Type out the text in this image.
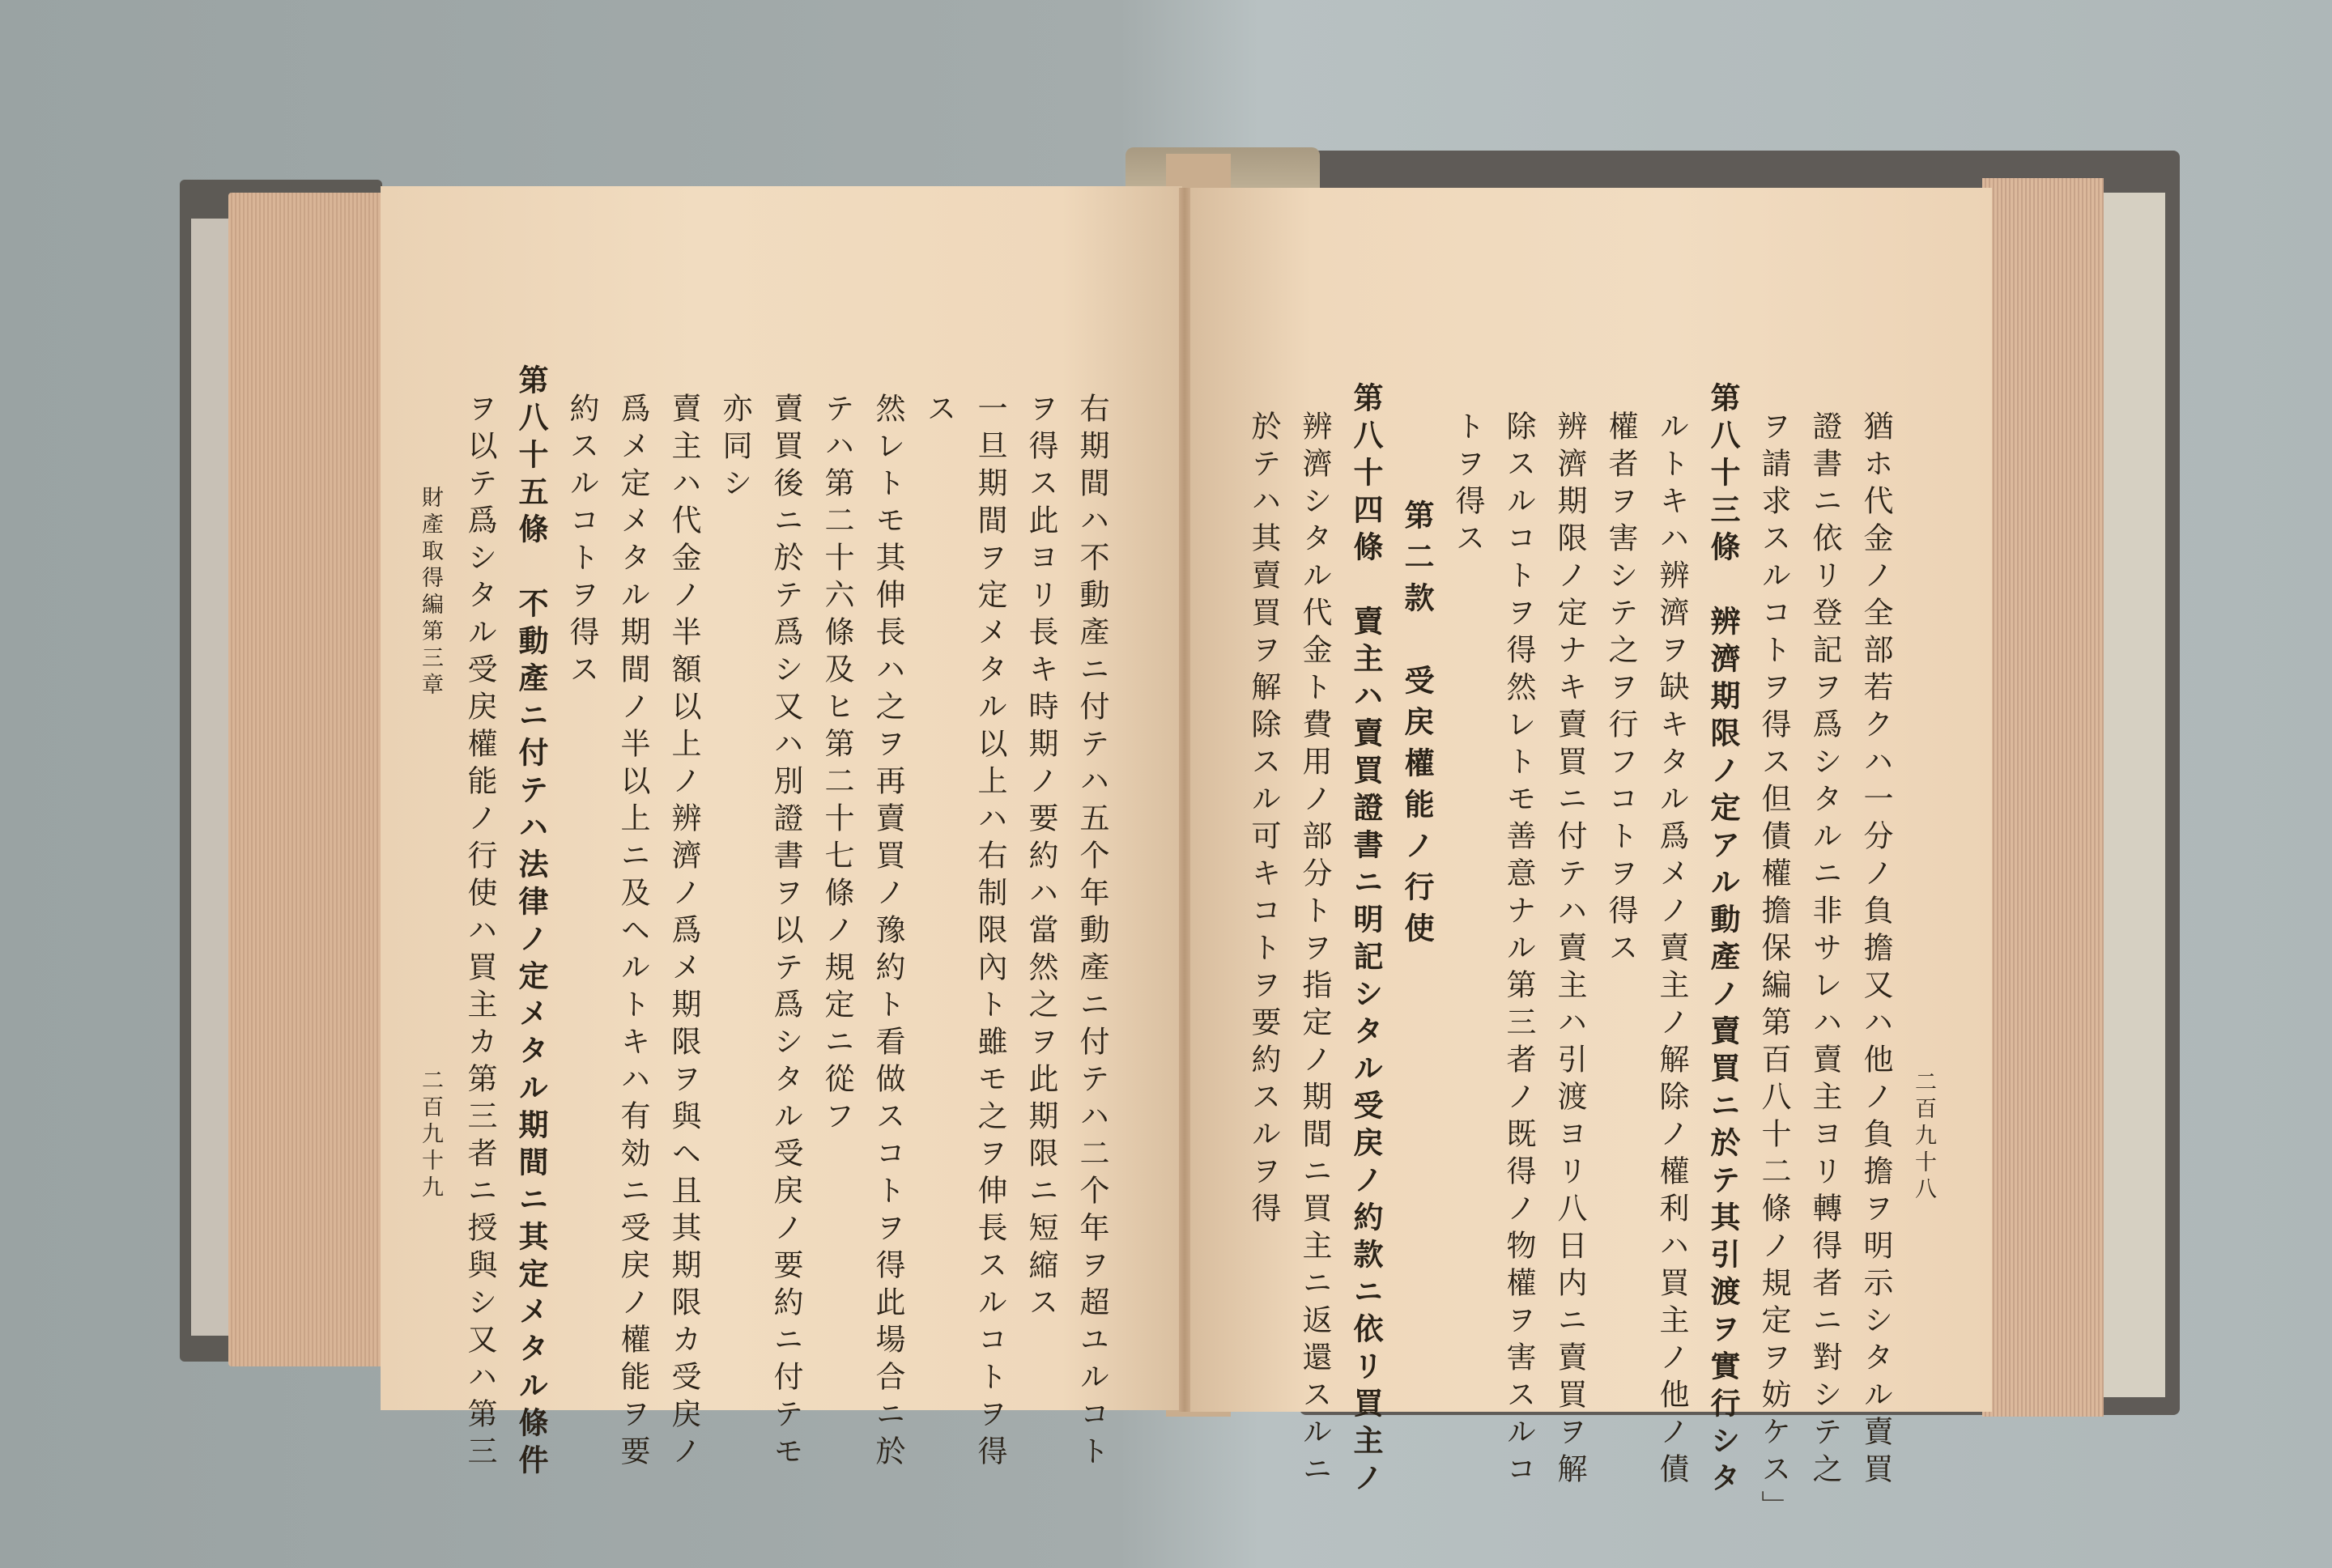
右期間ハ不動產ニ付テハ五个年動產ニ付テハ二个年ヲ超ユルコト
ヲ得ス此ヨリ長キ時期ノ要約ハ當然之ヲ此期限ニ短縮ス
一旦期間ヲ定メタル以上ハ右制限內ト雖モ之ヲ伸長スルコトヲ得
ス
然レトモ其伸長ハ之ヲ再賣買ノ豫約ト看做スコトヲ得此場合ニ於
テハ第二十六條及ヒ第二十七條ノ規定ニ從フ
賣買後ニ於テ爲シ又ハ別證書ヲ以テ爲シタル受戻ノ要約ニ付テモ
亦同シ
賣主ハ代金ノ半額以上ノ辨濟ノ爲メ期限ヲ與ヘ且其期限カ受戻ノ
爲メ定メタル期間ノ半以上ニ及ヘルトキハ有効ニ受戻ノ權能ヲ要
約スルコトヲ得ス
第八十五條　不動產ニ付テハ法律ノ定メタル期間ニ其定メタル條件
ヲ以テ爲シタル受戻權能ノ行使ハ買主カ第三者ニ授與シ又ハ第三
財產取得編第三章
二百九十九	二百九十八
猶ホ代金ノ全部若クハ一分ノ負擔又ハ他ノ負擔ヲ明示シタル賣買
證書ニ依リ登記ヲ爲シタルニ非サレハ賣主ヨリ轉得者ニ對シテ之
ヲ請求スルコトヲ得ス但債權擔保編第百八十二條ノ規定ヲ妨ケス」
第八十三條　辨濟期限ノ定アル動產ノ賣買ニ於テ其引渡ヲ實行シタ
ルトキハ辨濟ヲ缺キタル爲メノ賣主ノ解除ノ權利ハ買主ノ他ノ債
權者ヲ害シテ之ヲ行フコトヲ得ス
辨濟期限ノ定ナキ賣買ニ付テハ賣主ハ引渡ヨリ八日内ニ賣買ヲ解
除スルコトヲ得然レトモ善意ナル第三者ノ既得ノ物權ヲ害スルコ
トヲ得ス
第二款　受戻權能ノ行使
第八十四條　賣主ハ賣買證書ニ明記シタル受戻ノ約款ニ依リ買主ノ
辨濟シタル代金ト費用ノ部分トヲ指定ノ期間ニ買主ニ返還スルニ
於テハ其賣買ヲ解除スル可キコトヲ要約スルヲ得
